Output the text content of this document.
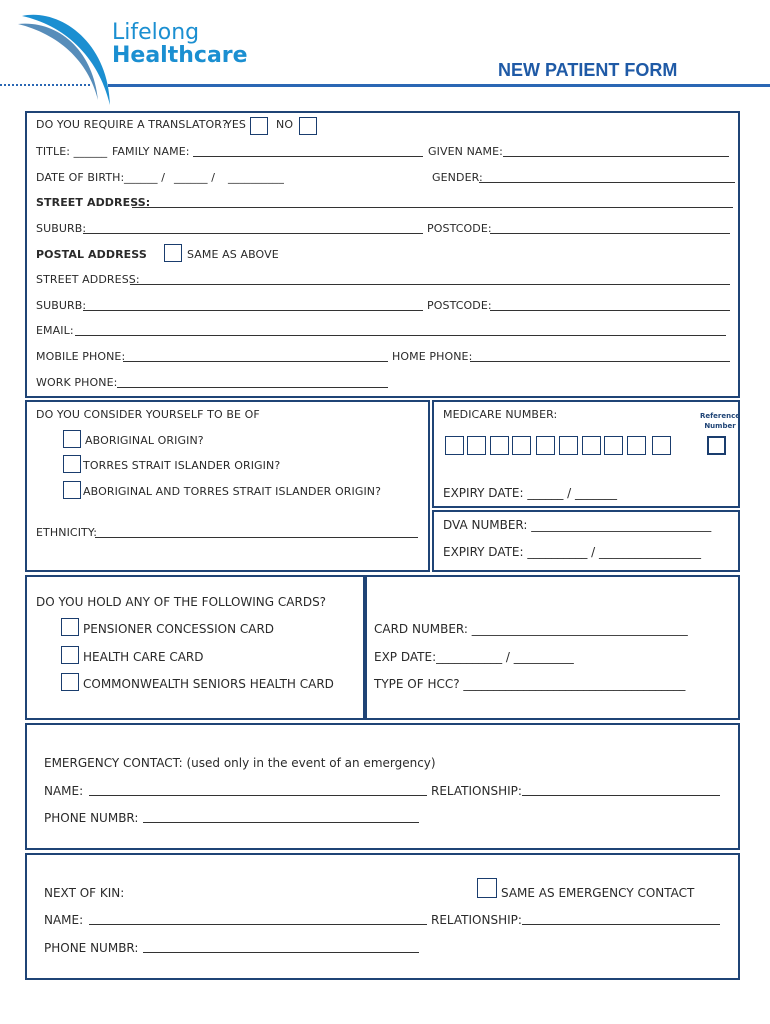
Lifelong
Healthcare
NEW PATIENT FORM
DO YOU REQUIRE A TRANSLATOR?
YES	NO
TITLE: ______ FAMILY NAME:	GIVEN NAME:
DATE OF BIRTH: ______ / ______ / __________	GENDER:
STREET ADDRESS:
SUBURB:	POSTCODE:
POSTAL ADDRESS	SAME AS ABOVE
STREET ADDRESS:
SUBURB:	POSTCODE:
EMAIL:
MOBILE PHONE:	HOME PHONE:
WORK PHONE:
DO YOU CONSIDER YOURSELF TO BE OF
ABORIGINAL ORIGIN?
TORRES STRAIT ISLANDER ORIGIN?
ABORIGINAL AND TORRES STRAIT ISLANDER ORIGIN?
ETHNICITY:
MEDICARE NUMBER:	Reference
Number
EXPIRY DATE: ______ / _______
DVA NUMBER: ______________________________
EXPIRY DATE: __________ / _________________
DO YOU HOLD ANY OF THE FOLLOWING CARDS?
PENSIONER CONCESSION CARD
HEALTH CARE CARD
COMMONWEALTH SENIORS HEALTH CARD
CARD NUMBER: ____________________________________
EXP DATE:___________ / __________
TYPE OF HCC? _____________________________________
EMERGENCY CONTACT: (used only in the event of an emergency)
NAME:	RELATIONSHIP:
PHONE NUMBR:
NEXT OF KIN:	SAME AS EMERGENCY CONTACT
NAME:	RELATIONSHIP:
PHONE NUMBR:
